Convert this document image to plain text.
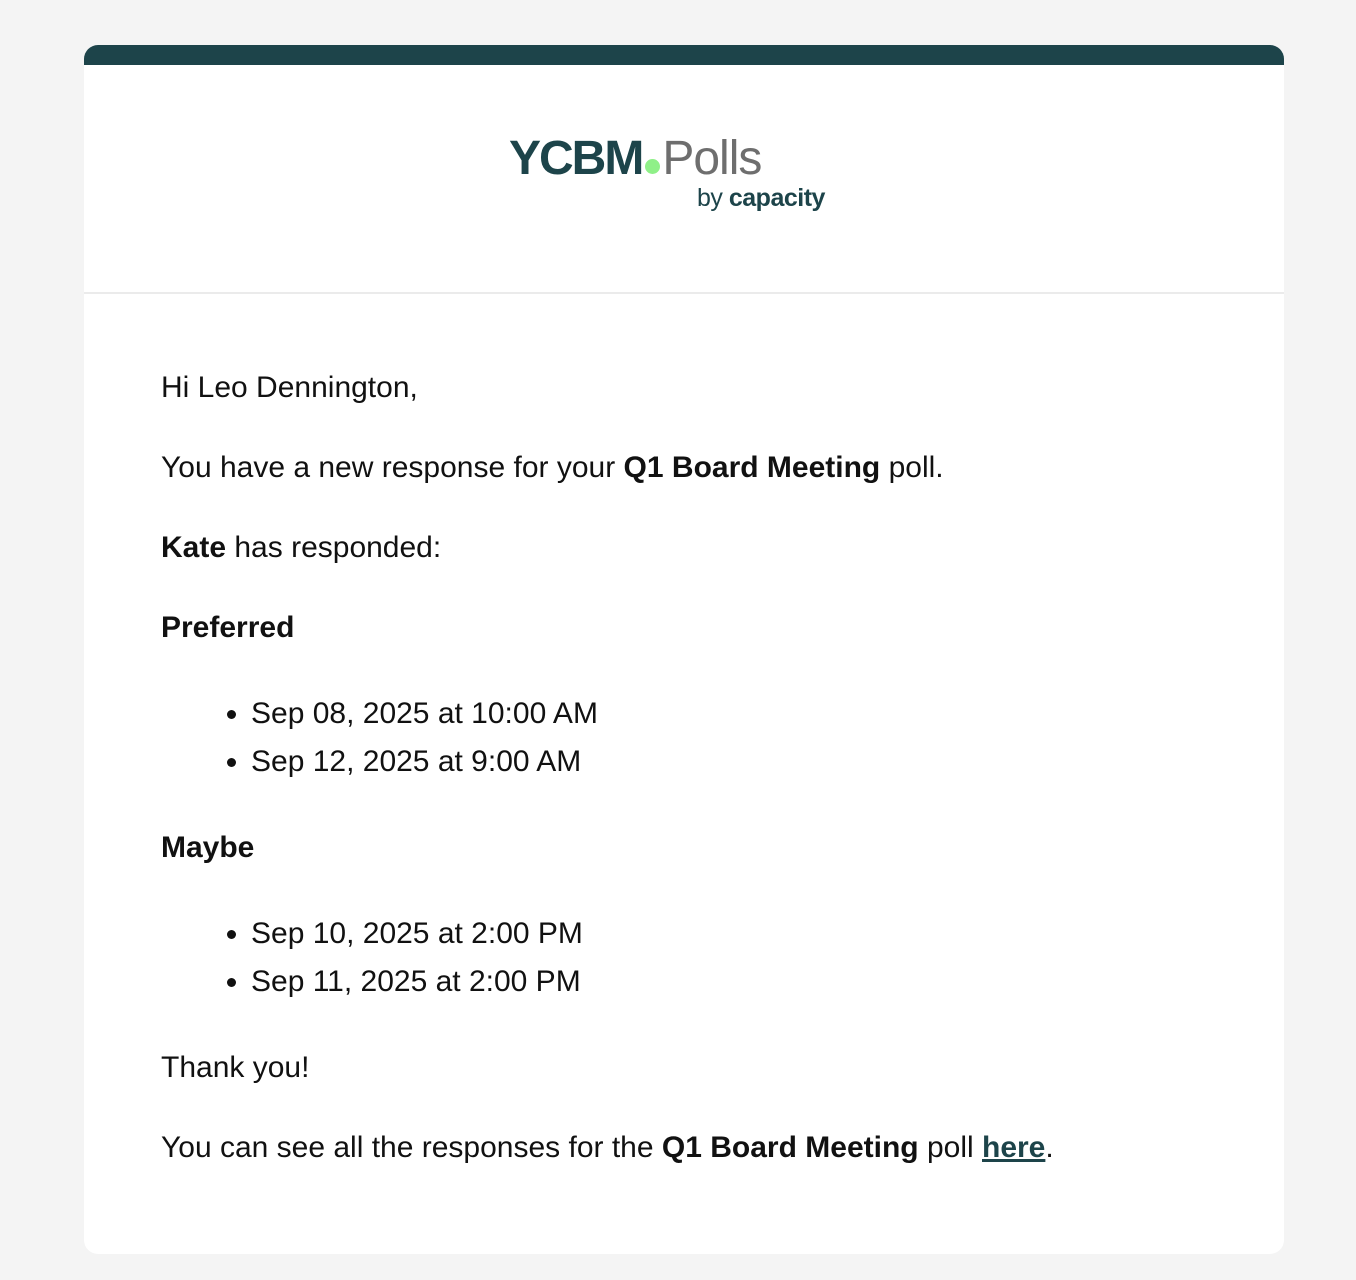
YCBM Polls
by capacity

Hi Leo Dennington,

You have a new response for your Q1 Board Meeting poll.

Kate has responded:

Preferred
• Sep 08, 2025 at 10:00 AM
• Sep 12, 2025 at 9:00 AM
Maybe
• Sep 10, 2025 at 2:00 PM
• Sep 11, 2025 at 2:00 PM

Thank you!

You can see all the responses for the Q1 Board Meeting poll here.
